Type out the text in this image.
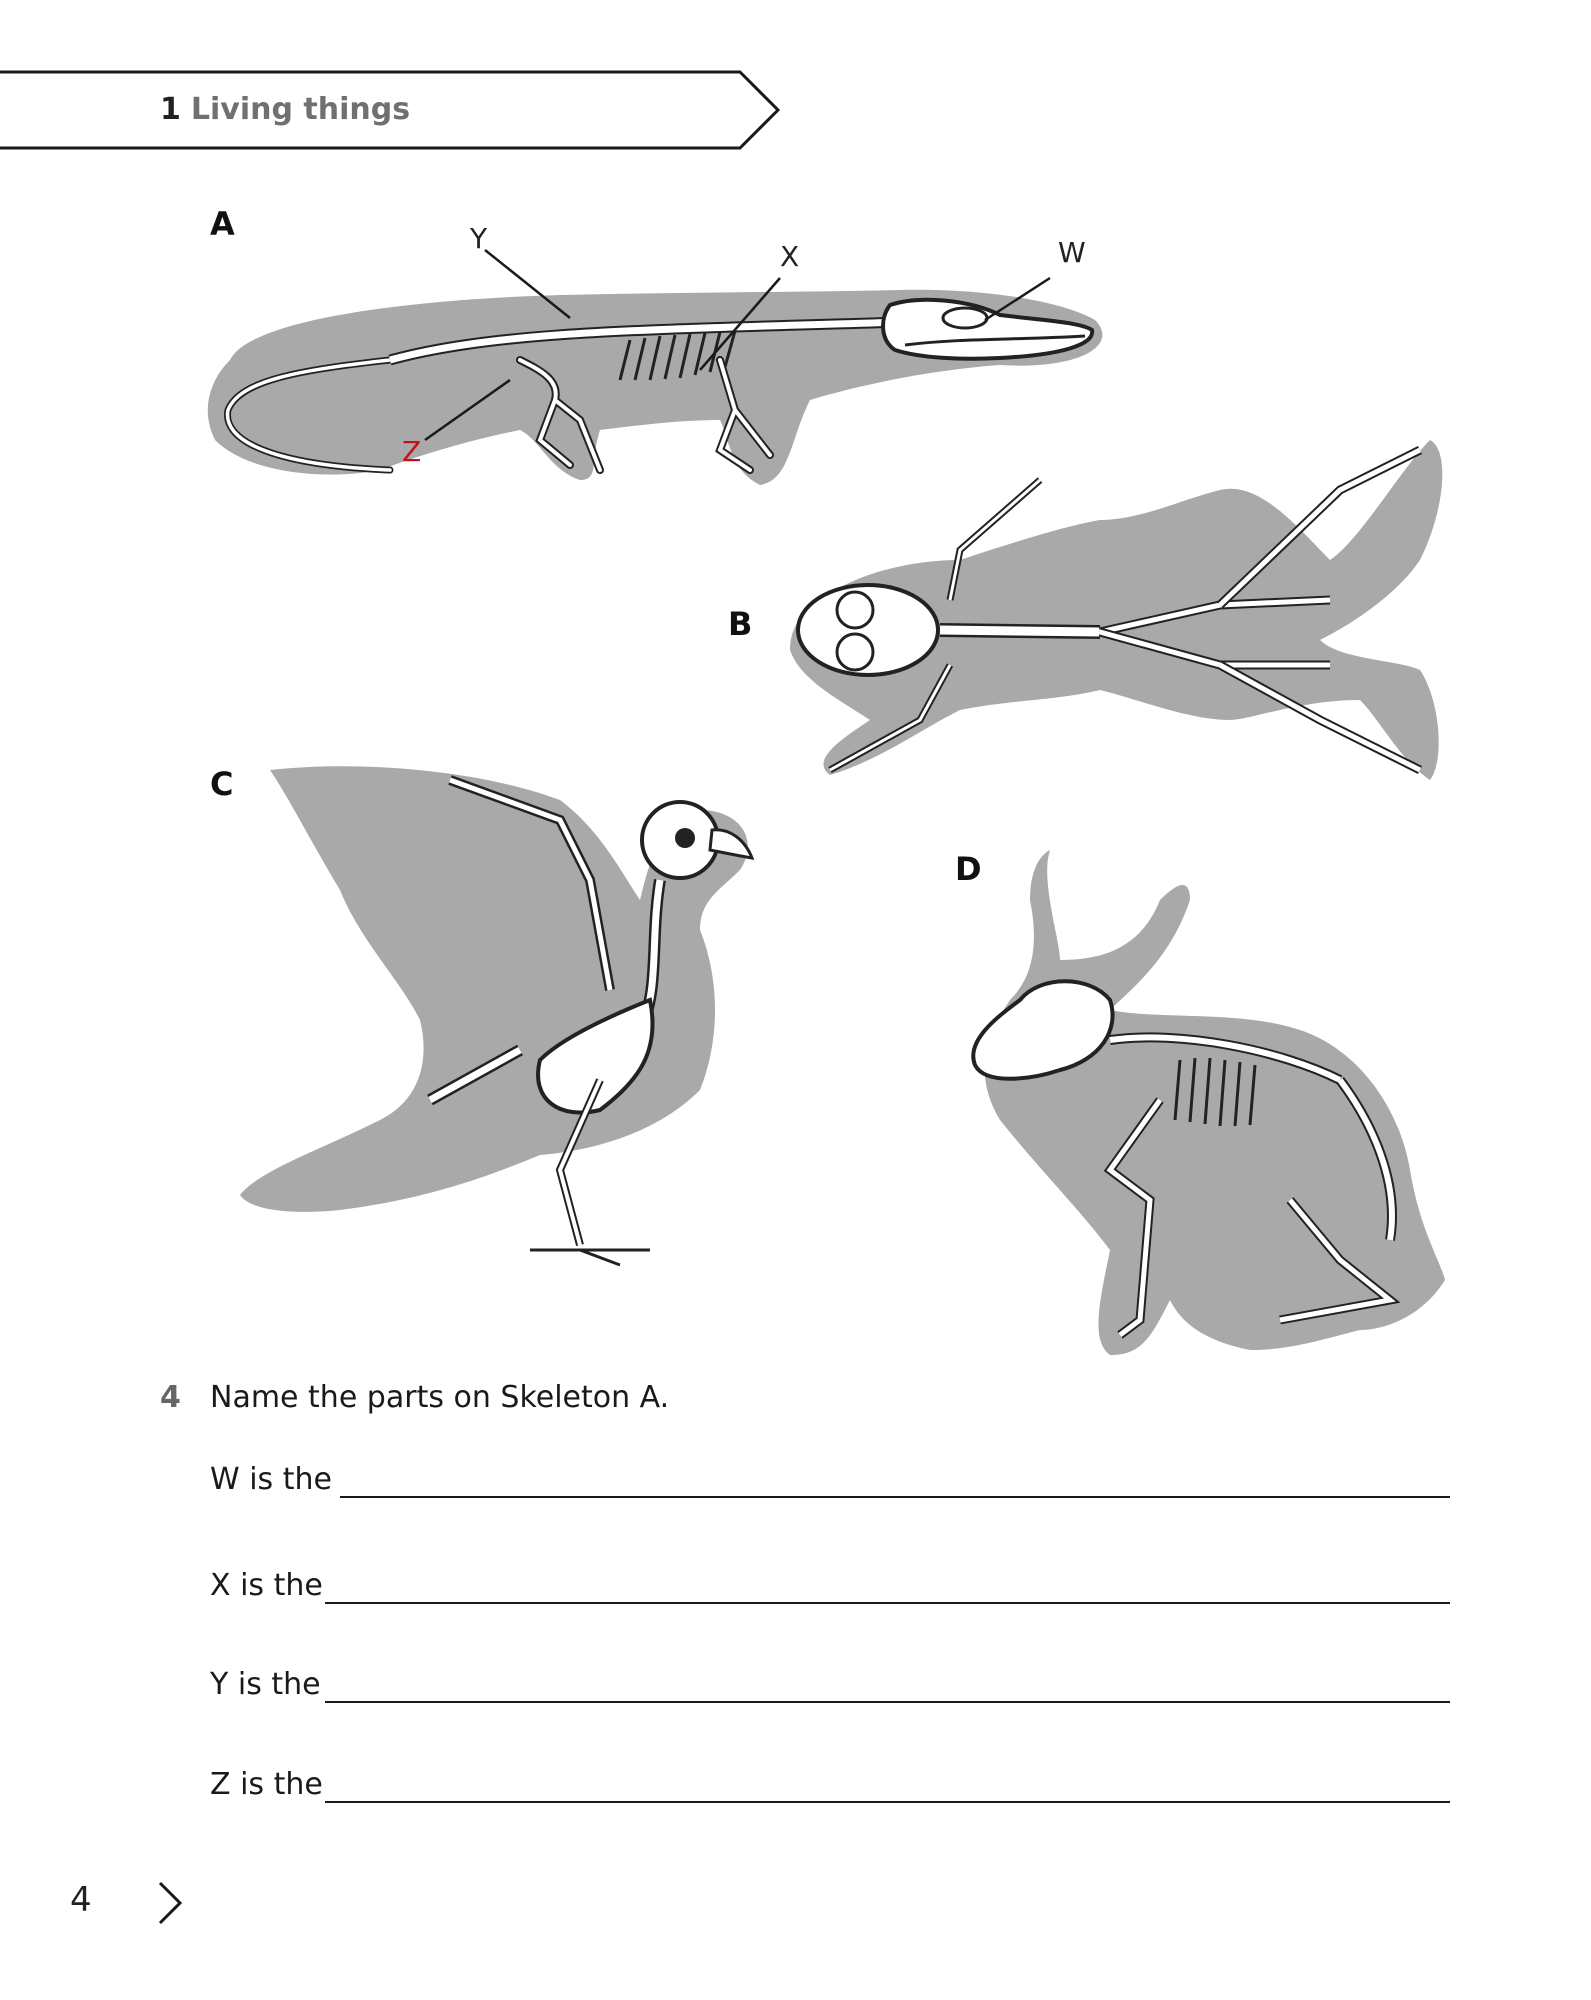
1 Living things
A
B
C
D
Y
X	W
Z
4 Name the parts on Skeleton A.
W is the
X is the
Y is the
Z is the
4
